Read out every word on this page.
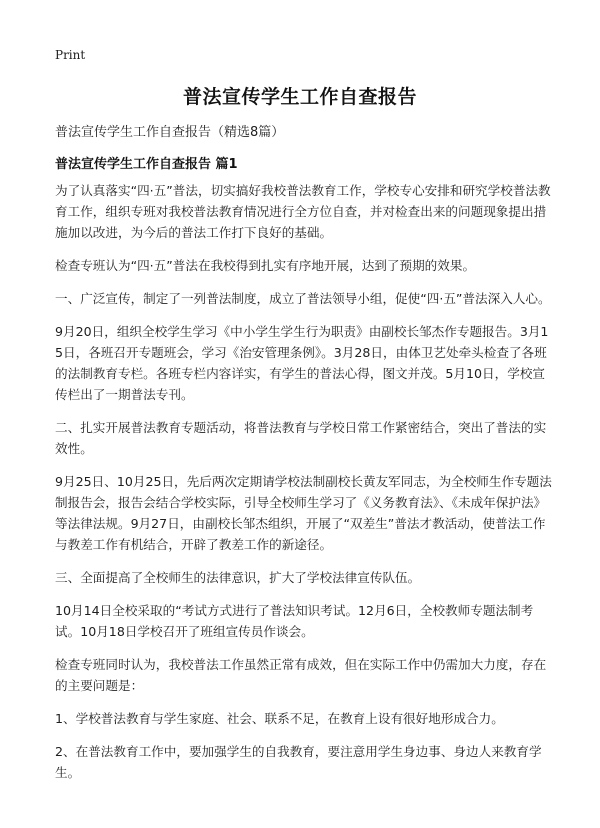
Print
普法宣传学生工作自查报告
普法宣传学生工作自查报告（精选8篇）
普法宣传学生工作自查报告 篇1

为了认真落实“四·五”普法，切实搞好我校普法教育工作，学校专心安排和研究学校普法教育工作，组织专班对我校普法教育情况进行全方位自查，并对检查出来的问题现象提出措施加以改进，为今后的普法工作打下良好的基础。

检查专班认为“四·五”普法在我校得到扎实有序地开展，达到了预期的效果。

一、广泛宣传，制定了一列普法制度，成立了普法领导小组，促使“四·五”普法深入人心。

9月20日，组织全校学生学习《中小学生学生行为职责》由副校长邹杰作专题报告。3月15日，各班召开专题班会，学习《治安管理条例》。3月28日，由体卫艺处牵头检查了各班的法制教育专栏。各班专栏内容详实，有学生的普法心得，图文并茂。5月10日，学校宣传栏出了一期普法专刊。

二、扎实开展普法教育专题活动，将普法教育与学校日常工作紧密结合，突出了普法的实效性。

9月25日、10月25日，先后两次定期请学校法制副校长黄友军同志，为全校师生作专题法制报告会，报告会结合学校实际，引导全校师生学习了《义务教育法》、《未成年保护法》等法律法规。9月27日，由副校长邹杰组织，开展了“双差生”普法才教活动，使普法工作与教差工作有机结合，开辟了教差工作的新途径。

三、全面提高了全校师生的法律意识，扩大了学校法律宣传队伍。

10月14日全校采取的“考试方式进行了普法知识考试。12月6日，全校教师专题法制考试。10月18日学校召开了班组宣传员作谈会。

检查专班同时认为，我校普法工作虽然正常有成效，但在实际工作中仍需加大力度，存在的主要问题是：

1、学校普法教育与学生家庭、社会、联系不足，在教育上设有很好地形成合力。

2、在普法教育工作中，要加强学生的自我教育，要注意用学生身边事、身边人来教育学生。
